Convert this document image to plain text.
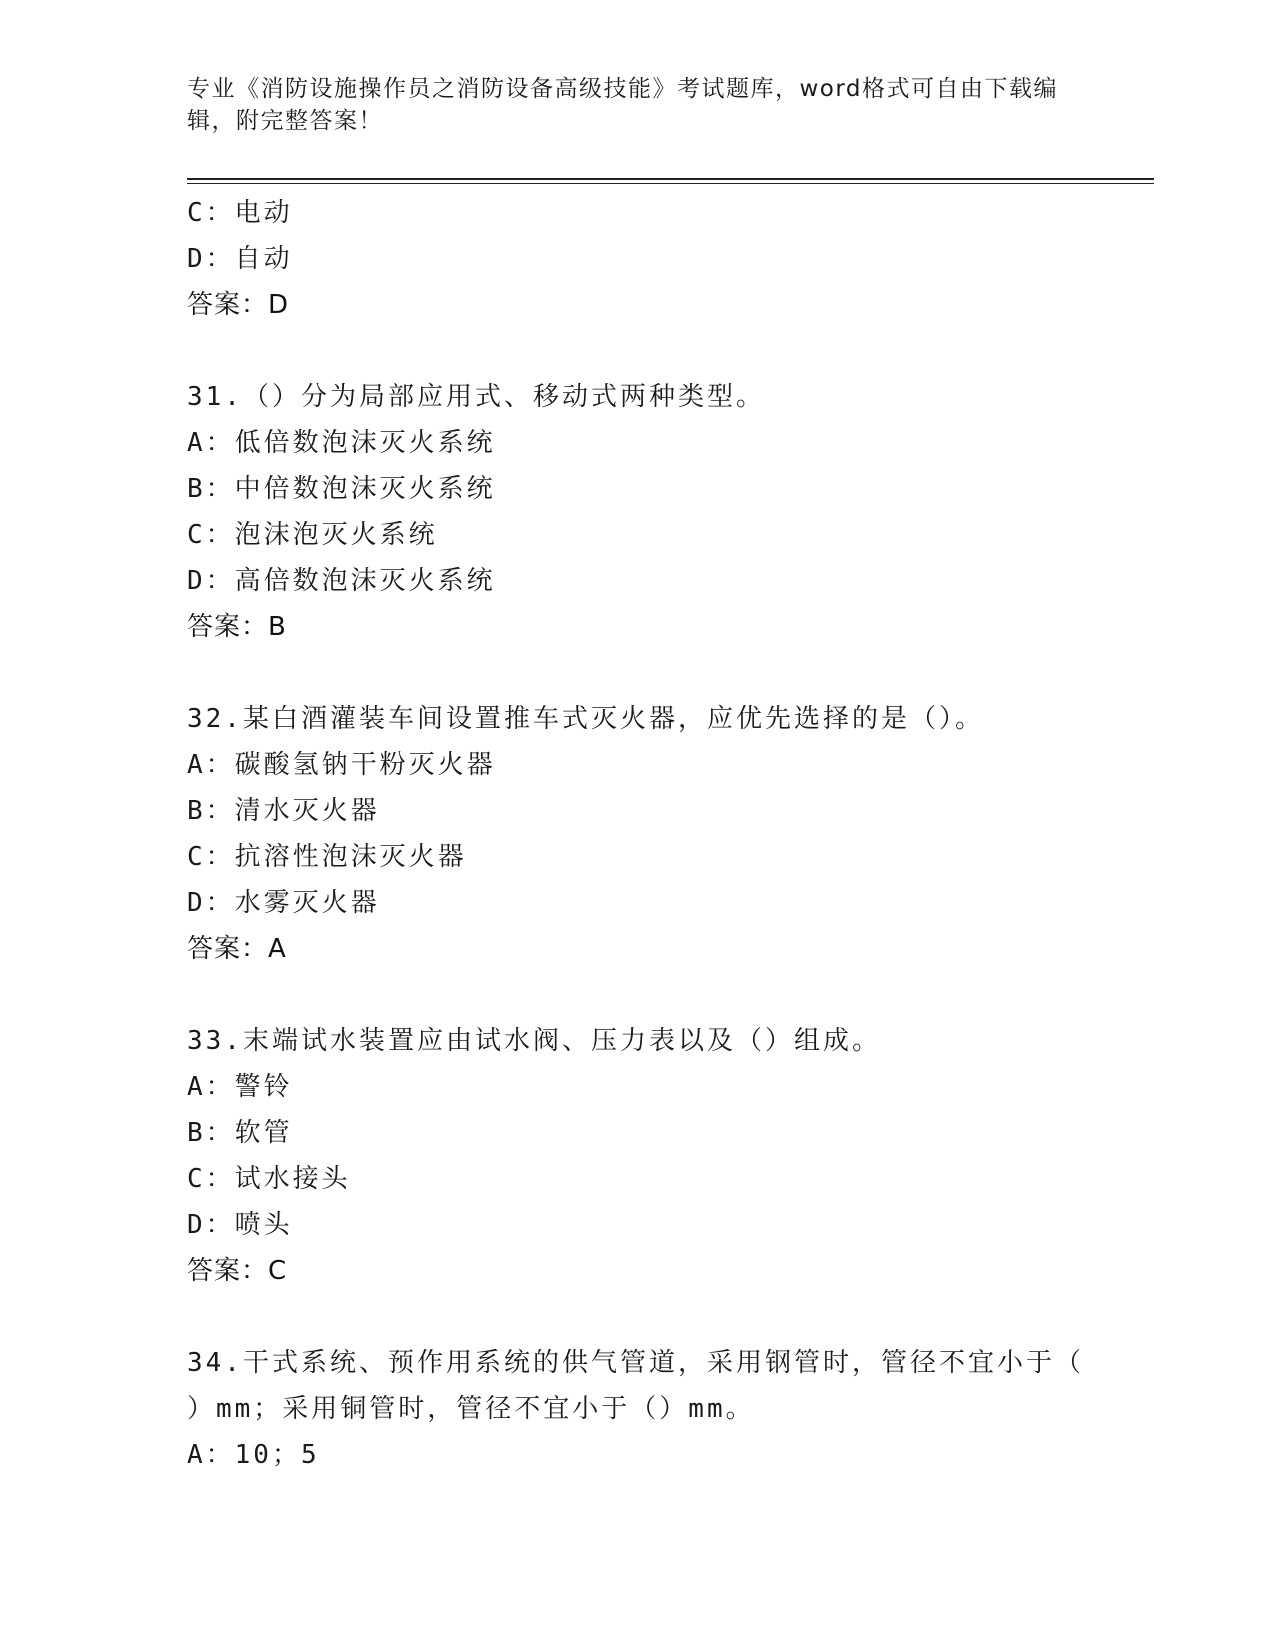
专业《消防设施操作员之消防设备高级技能》考试题库，word格式可自由下载编
辑，附完整答案！
C：电动
D：自动
答案：D
31.（）分为局部应用式、移动式两种类型。
A：低倍数泡沫灭火系统
B：中倍数泡沫灭火系统
C：泡沫泡灭火系统
D：高倍数泡沫灭火系统
答案：B
32.某白酒灌装车间设置推车式灭火器，应优先选择的是（）。
A：碳酸氢钠干粉灭火器
B：清水灭火器
C：抗溶性泡沫灭火器
D：水雾灭火器
答案：A
33.末端试水装置应由试水阀、压力表以及（）组成。
A：警铃
B：软管
C：试水接头
D：喷头
答案：C
34.干式系统、预作用系统的供气管道，采用钢管时，管径不宜小于（
）mm；采用铜管时，管径不宜小于（）mm。
A：10；5
